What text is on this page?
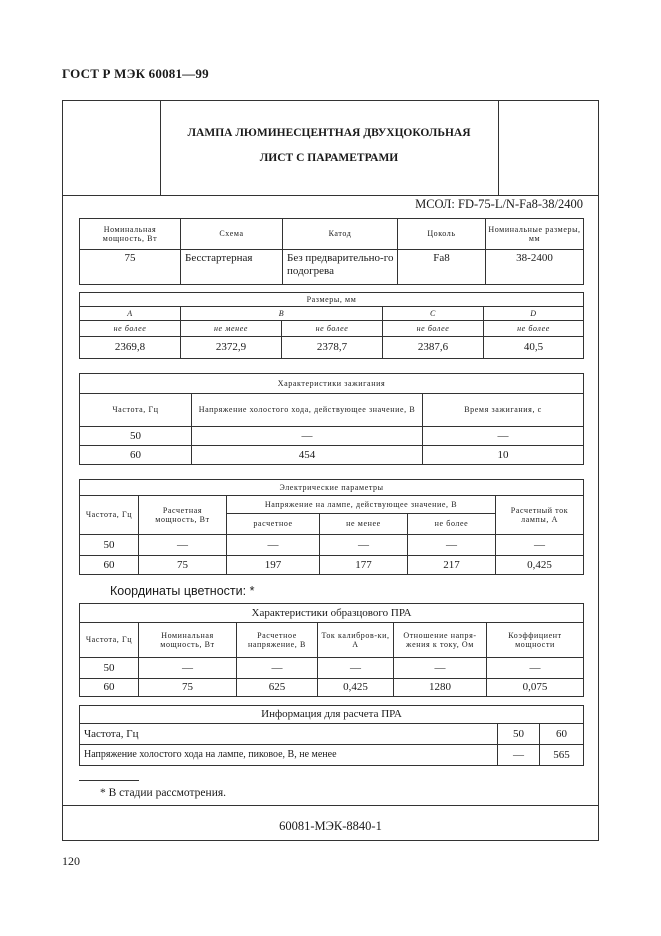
ГОСТ Р МЭК 60081—99
ЛАМПА ЛЮМИНЕСЦЕНТНАЯ ДВУХЦОКОЛЬНАЯ
ЛИСТ С ПАРАМЕТРАМИ
МСОЛ: FD-75-L/N-Fa8-38/2400
Номинальная мощность, Вт	Схема	Катод	Цоколь	Номинальные размеры, мм
75	Бесстартерная	Без предварительно-го подогрева	Fa8	38-2400
Размеры, мм				
A	B		C	D
не более	не менее	не более	не более	не более
2369,8	2372,9	2378,7	2387,6	40,5
Характеристики зажигания		
Частота, Гц	Напряжение холостого хода, действующее значение, В	Время зажигания, с
50	—	—
60	454	10
Электрические параметры					
Частота, Гц	Расчетная мощность, Вт	Напряжение на лампе, действующее значение, В			Расчетный ток лампы, А
		расчетное	не менее	не более	
50	—	—	—	—	—
60	75	197	177	217	0,425
Координаты цветности: *
Характеристики образцового ПРА					
Частота, Гц	Номинальная мощность, Вт	Расчетное напряжение, В	Ток калибров-ки, А	Отношение напря-жения к току, Ом	Коэффициент мощности
50	—	—	—	—	—
60	75	625	0,425	1280	0,075
Информация для расчета ПРА		
Частота, Гц	50	60
Напряжение холостого хода на лампе, пиковое, В, не менее	—	565
* В стадии рассмотрения.
60081-МЭК-8840-1
120
